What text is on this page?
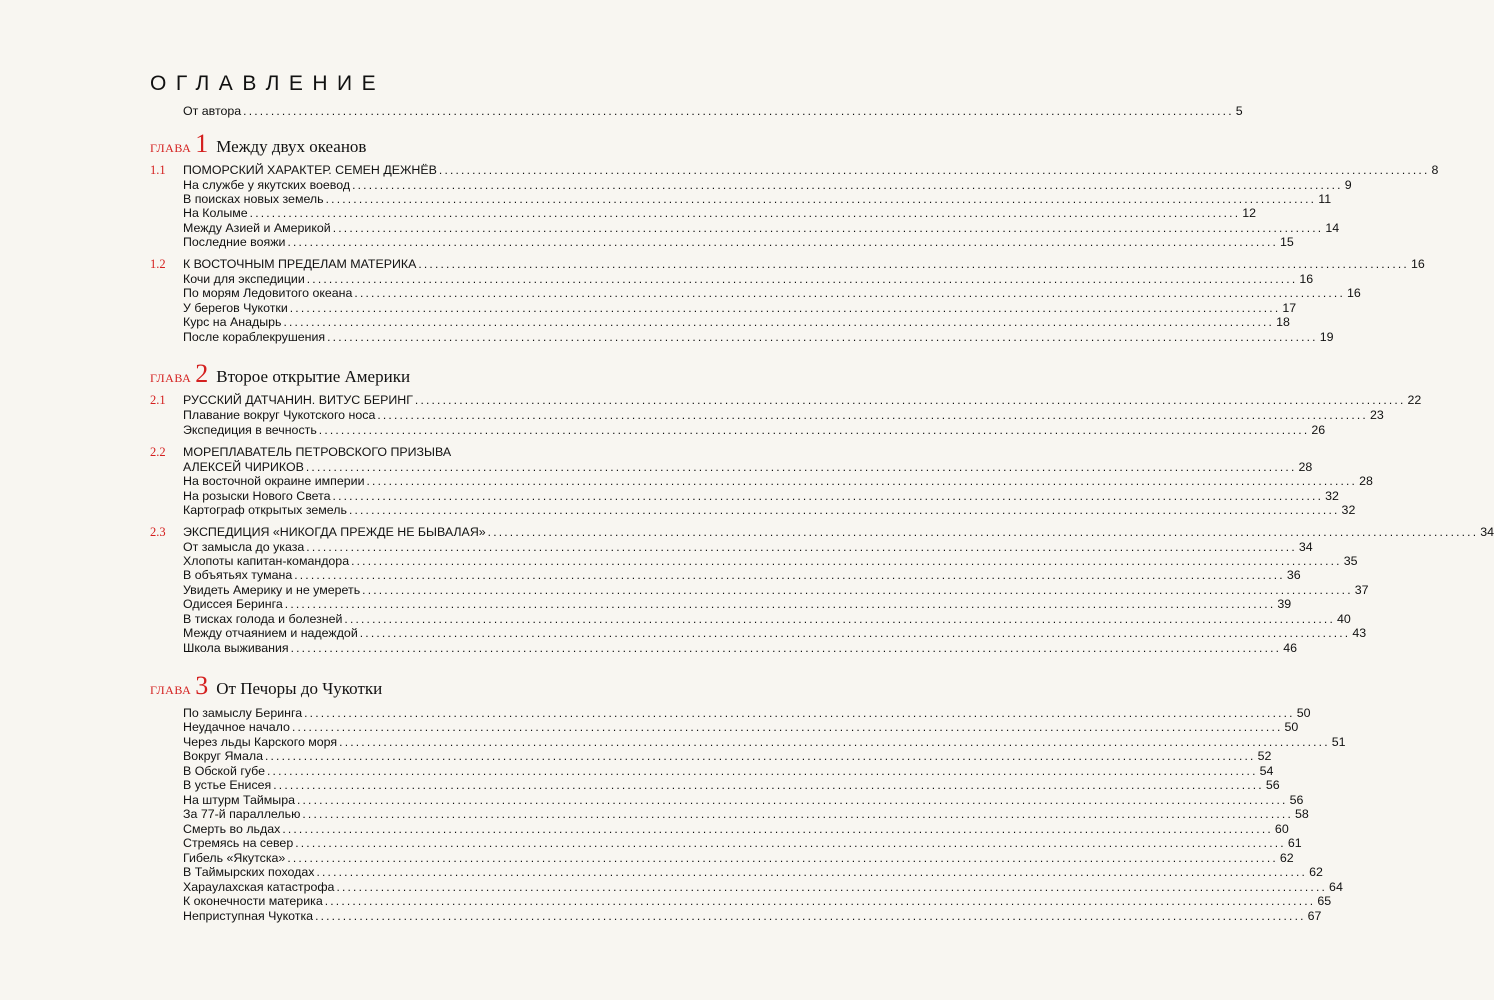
ОГЛАВЛЕНИЕ
От автора ................................................................................................................................................................................... 5
ГЛАВА 1 Между двух океанов
1.1	ПОМОРСКИЙ ХАРАКТЕР. СЕМЕН ДЕЖНЁВ ................................................................................................................................................................................... 8
На службе у якутских воевод ................................................................................................................................................................................... 9
В поисках новых земель ................................................................................................................................................................................... 11
На Колыме ................................................................................................................................................................................... 12
Между Азией и Америкой ................................................................................................................................................................................... 14
Последние вояжи ................................................................................................................................................................................... 15
1.2	К ВОСТОЧНЫМ ПРЕДЕЛАМ МАТЕРИКА ................................................................................................................................................................................... 16
Кочи для экспедиции ................................................................................................................................................................................... 16
По морям Ледовитого океана ................................................................................................................................................................................... 16
У берегов Чукотки ................................................................................................................................................................................... 17
Курс на Анадырь ................................................................................................................................................................................... 18
После кораблекрушения ................................................................................................................................................................................... 19
ГЛАВА 2 Второе открытие Америки
2.1	РУССКИЙ ДАТЧАНИН. ВИТУС БЕРИНГ ................................................................................................................................................................................... 22
Плавание вокруг Чукотского носа ................................................................................................................................................................................... 23
Экспедиция в вечность ................................................................................................................................................................................... 26
2.2	МОРЕПЛАВАТЕЛЬ ПЕТРОВСКОГО ПРИЗЫВА
АЛЕКСЕЙ ЧИРИКОВ ................................................................................................................................................................................... 28
На восточной окраине империи ................................................................................................................................................................................... 28
На розыски Нового Света ................................................................................................................................................................................... 32
Картограф открытых земель ................................................................................................................................................................................... 32
2.3	ЭКСПЕДИЦИЯ «НИКОГДА ПРЕЖДЕ НЕ БЫВАЛАЯ» ................................................................................................................................................................................... 34
От замысла до указа ................................................................................................................................................................................... 34
Хлопоты капитан-командора ................................................................................................................................................................................... 35
В объятьях тумана ................................................................................................................................................................................... 36
Увидеть Америку и не умереть ................................................................................................................................................................................... 37
Одиссея Беринга ................................................................................................................................................................................... 39
В тисках голода и болезней ................................................................................................................................................................................... 40
Между отчаянием и надеждой ................................................................................................................................................................................... 43
Школа выживания ................................................................................................................................................................................... 46
ГЛАВА 3 От Печоры до Чукотки
По замыслу Беринга ................................................................................................................................................................................... 50
Неудачное начало ................................................................................................................................................................................... 50
Через льды Карского моря ................................................................................................................................................................................... 51
Вокруг Ямала ................................................................................................................................................................................... 52
В Обской губе ................................................................................................................................................................................... 54
В устье Енисея ................................................................................................................................................................................... 56
На штурм Таймыра ................................................................................................................................................................................... 56
За 77-й параллелью ................................................................................................................................................................................... 58
Смерть во льдах ................................................................................................................................................................................... 60
Стремясь на север ................................................................................................................................................................................... 61
Гибель «Якутска» ................................................................................................................................................................................... 62
В Таймырских походах ................................................................................................................................................................................... 62
Харaулахская катастрофа ................................................................................................................................................................................... 64
К оконечности материка ................................................................................................................................................................................... 65
Неприступная Чукотка ................................................................................................................................................................................... 67
